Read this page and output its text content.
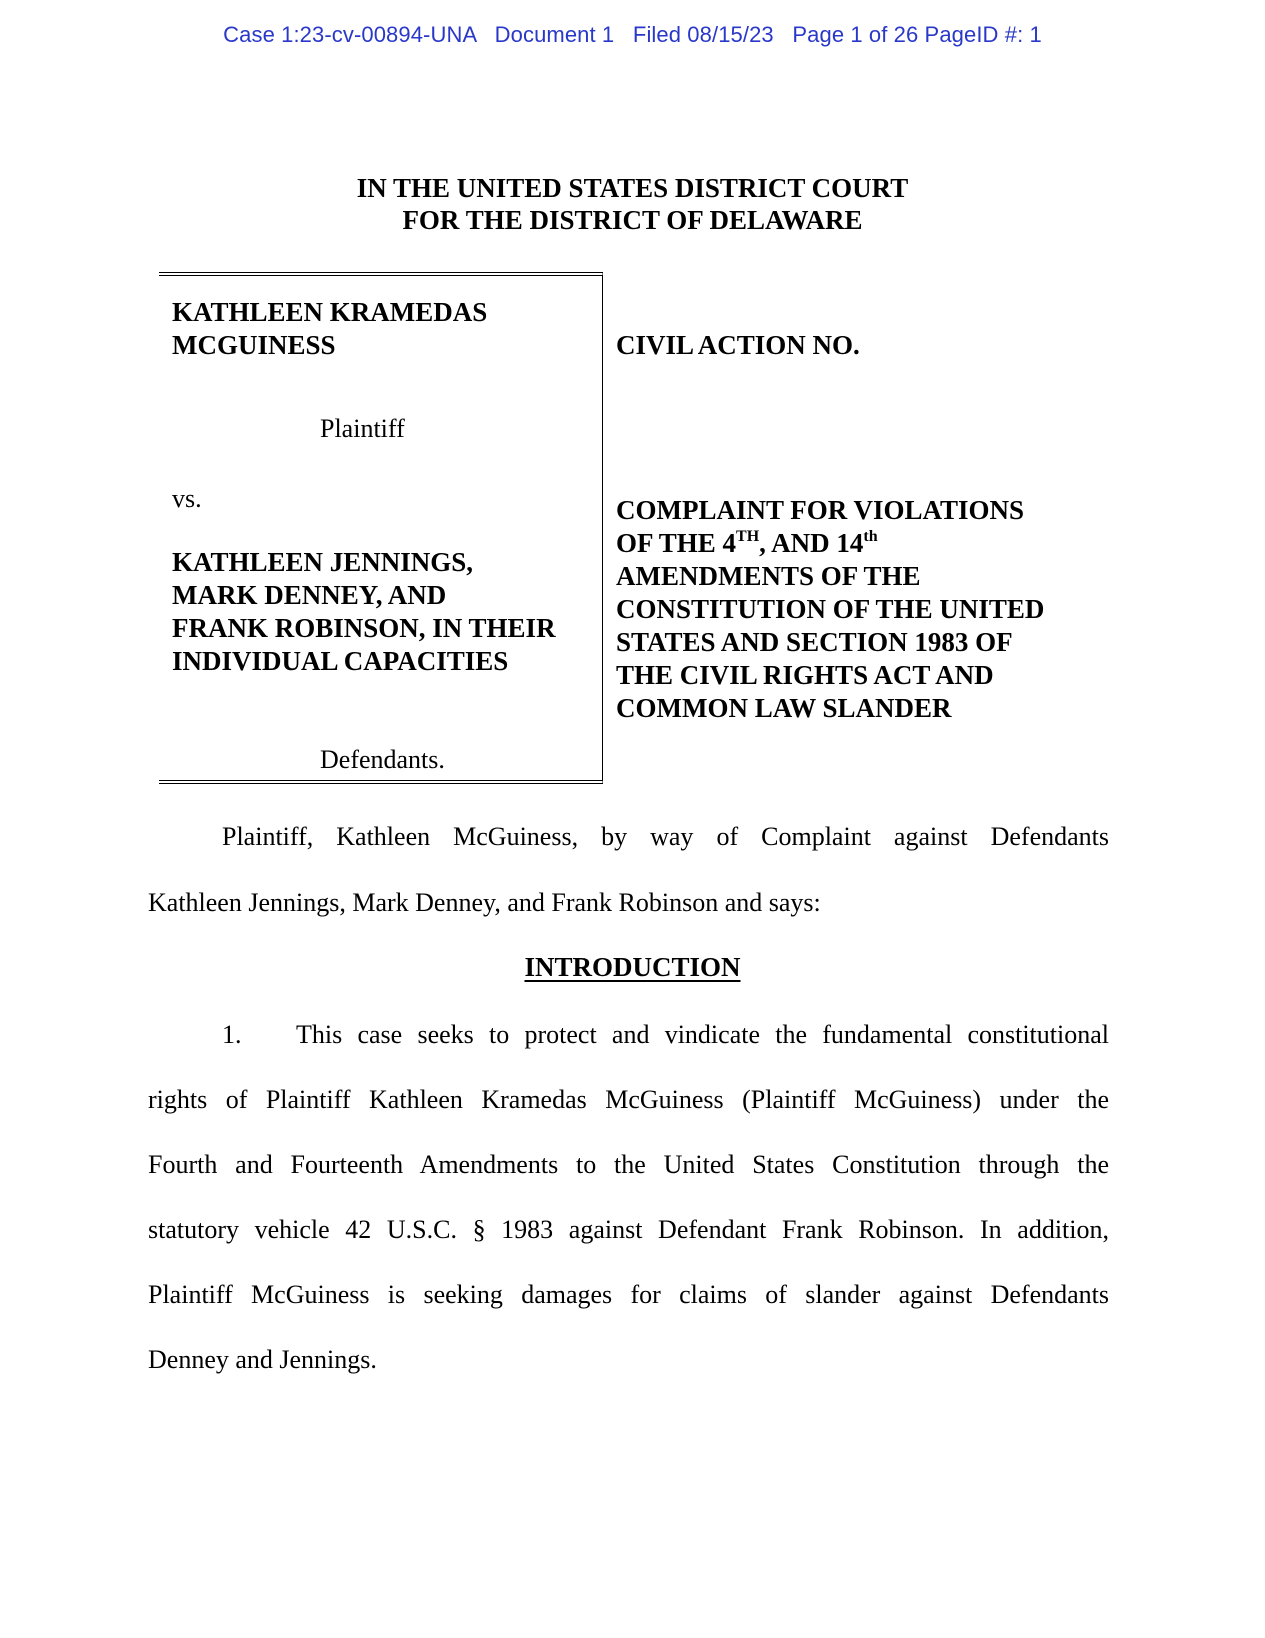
Case 1:23-cv-00894-UNA   Document 1   Filed 08/15/23   Page 1 of 26 PageID #: 1
IN THE UNITED STATES DISTRICT COURT
FOR THE DISTRICT OF DELAWARE
KATHLEEN KRAMEDAS
MCGUINESS
Plaintiff
vs.
KATHLEEN JENNINGS,
MARK DENNEY, AND
FRANK ROBINSON, IN THEIR
INDIVIDUAL CAPACITIES
Defendants.
CIVIL ACTION NO.
COMPLAINT FOR VIOLATIONS
OF THE 4TH, AND 14th
AMENDMENTS OF THE
CONSTITUTION OF THE UNITED
STATES AND SECTION 1983 OF
THE CIVIL RIGHTS ACT AND
COMMON LAW SLANDER
Plaintiff, Kathleen McGuiness, by way of Complaint against Defendants
Kathleen Jennings, Mark Denney, and Frank Robinson and says:
INTRODUCTION
1.	This case seeks to protect and vindicate the fundamental constitutional
rights of Plaintiff Kathleen Kramedas McGuiness (Plaintiff McGuiness) under the
Fourth and Fourteenth Amendments to the United States Constitution through the
statutory vehicle 42 U.S.C. § 1983 against Defendant Frank Robinson. In addition,
Plaintiff McGuiness is seeking damages for claims of slander against Defendants
Denney and Jennings.
